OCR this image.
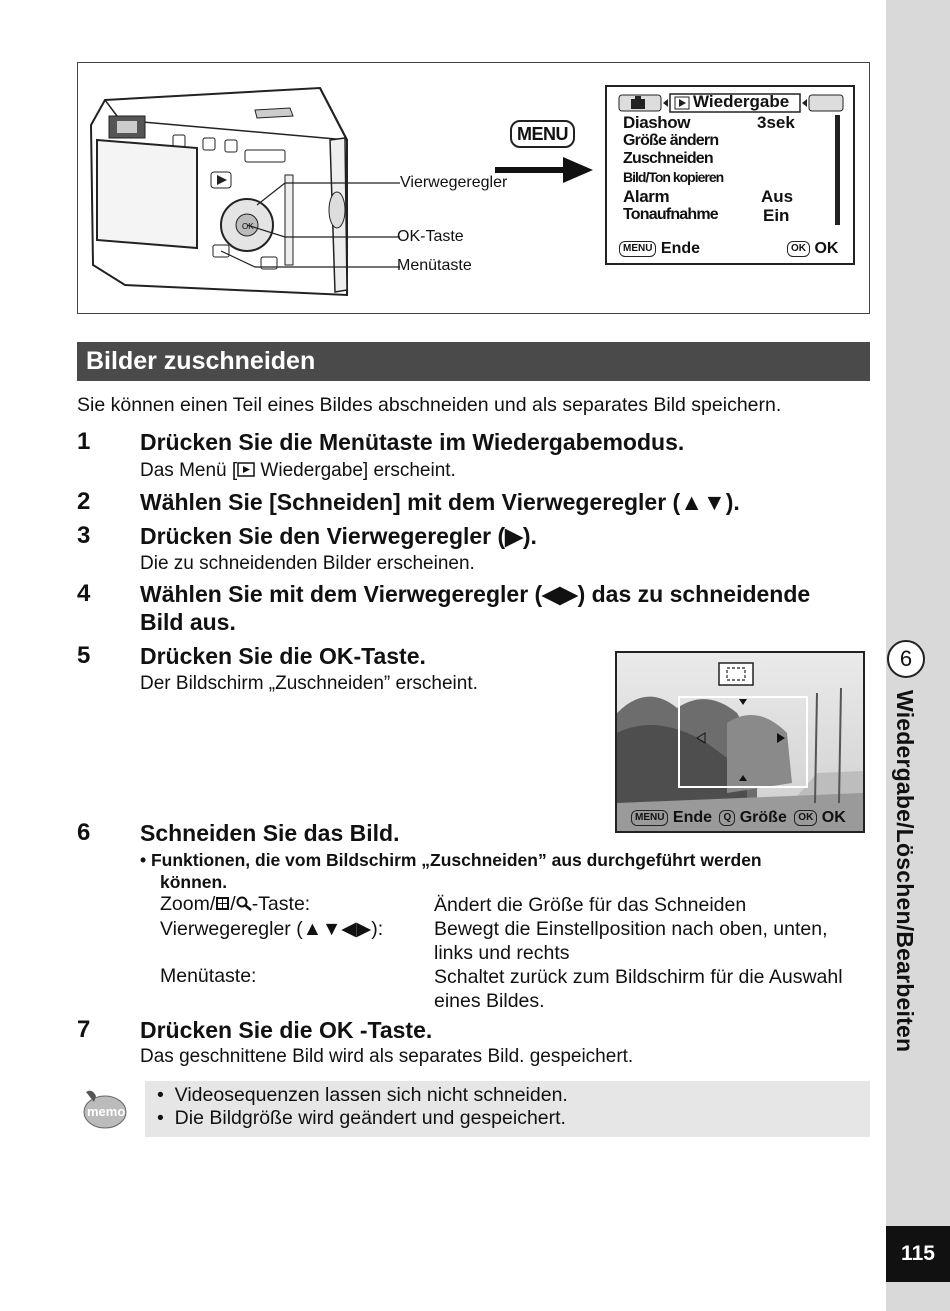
6
Wiedergabe/Löschen/Bearbeiten
115
OK
Vierwegeregler
OK-Taste
Menütaste
MENU
Wiedergabe
Diashow	3sek
Größe ändern
Zuschneiden
Bild/Ton kopieren
Alarm	Aus
Tonaufnahme	Ein
MENU Ende	OK OK
Bilder zuschneiden
Sie können einen Teil eines Bildes abschneiden und als separates Bild speichern.
1 Drücken Sie die Menütaste im Wiedergabemodus.
Das Menü [ Wiedergabe] erscheint.
2 Wählen Sie [Schneiden] mit dem Vierwegeregler (▲▼).
3 Drücken Sie den Vierwegeregler (▶).
Die zu schneidenden Bilder erscheinen.
4 Wählen Sie mit dem Vierwegeregler (◀▶) das zu schneidende
Bild aus.
5 Drücken Sie die OK-Taste.
Der Bildschirm „Zuschneiden” erscheint.
MENU Ende Q Größe OK OK
6 Schneiden Sie das Bild.
• Funktionen, die vom Bildschirm „Zuschneiden” aus durchgeführt werden
können.
Zoom/ / -Taste:	Ändert die Größe für das Schneiden
Vierwegeregler (▲▼◀▶):	Bewegt die Einstellposition nach oben, unten,
links und rechts
Menütaste:	Schaltet zurück zum Bildschirm für die Auswahl
eines Bildes.
7 Drücken Sie die OK -Taste.
Das geschnittene Bild wird als separates Bild. gespeichert.
memo
•  Videosequenzen lassen sich nicht schneiden.
•  Die Bildgröße wird geändert und gespeichert.
